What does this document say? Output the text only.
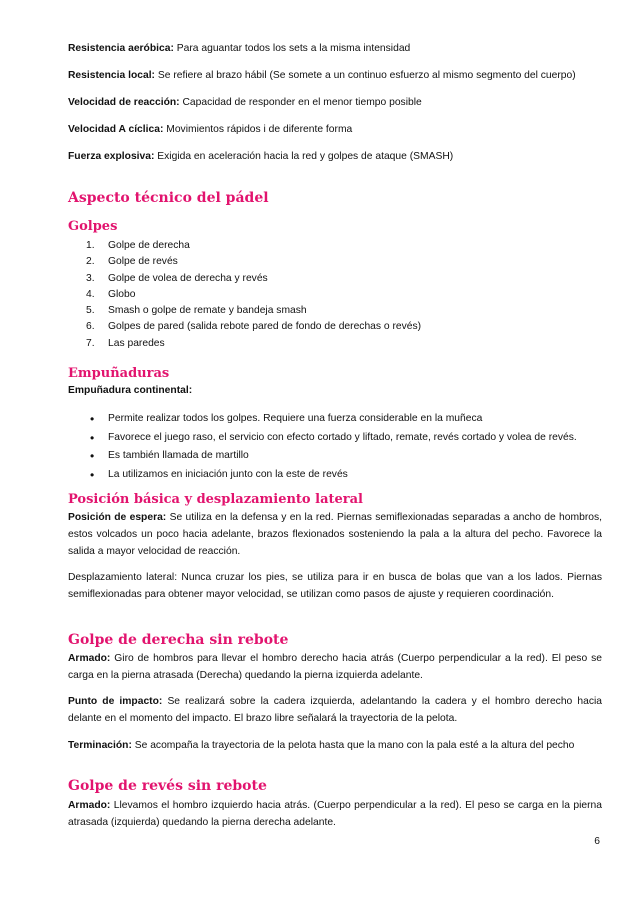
Resistencia aeróbica: Para aguantar todos los sets a la misma intensidad

Resistencia local: Se refiere al brazo hábil (Se somete a un continuo esfuerzo al mismo segmento del cuerpo)

Velocidad de reacción: Capacidad de responder en el menor tiempo posible

Velocidad A cíclica: Movimientos rápidos i de diferente forma

Fuerza explosiva: Exigida en aceleración hacia la red y golpes de ataque (SMASH)

Aspecto técnico del pádel
Golpes
1. Golpe de derecha
2. Golpe de revés
3. Golpe de volea de derecha y revés
4. Globo
5. Smash o golpe de remate y bandeja smash
6. Golpes de pared (salida rebote pared de fondo de derechas o revés)
7. Las paredes
Empuñaduras

Empuñadura continental:

• Permite realizar todos los golpes. Requiere una fuerza considerable en la muñeca
• Favorece el juego raso, el servicio con efecto cortado y liftado, remate, revés cortado y volea de revés.
• Es también llamada de martillo
• La utilizamos en iniciación junto con la este de revés
Posición básica y desplazamiento lateral

Posición de espera: Se utiliza en la defensa y en la red. Piernas semiflexionadas separadas a ancho de hombros, estos volcados un poco hacia adelante, brazos flexionados sosteniendo la pala a la altura del pecho. Favorece la salida a mayor velocidad de reacción.

Desplazamiento lateral: Nunca cruzar los pies, se utiliza para ir en busca de bolas que van a los lados. Piernas semiflexionadas para obtener mayor velocidad, se utilizan como pasos de ajuste y requieren coordinación.

Golpe de derecha sin rebote

Armado: Giro de hombros para llevar el hombro derecho hacia atrás (Cuerpo perpendicular a la red). El peso se carga en la pierna atrasada (Derecha) quedando la pierna izquierda adelante.

Punto de impacto: Se realizará sobre la cadera izquierda, adelantando la cadera y el hombro derecho hacia delante en el momento del impacto. El brazo libre señalará la trayectoria de la pelota.

Terminación: Se acompaña la trayectoria de la pelota hasta que la mano con la pala esté a la altura del pecho

Golpe de revés sin rebote

Armado: Llevamos el hombro izquierdo hacia atrás. (Cuerpo perpendicular a la red). El peso se carga en la pierna atrasada (izquierda) quedando la pierna derecha adelante.

6
